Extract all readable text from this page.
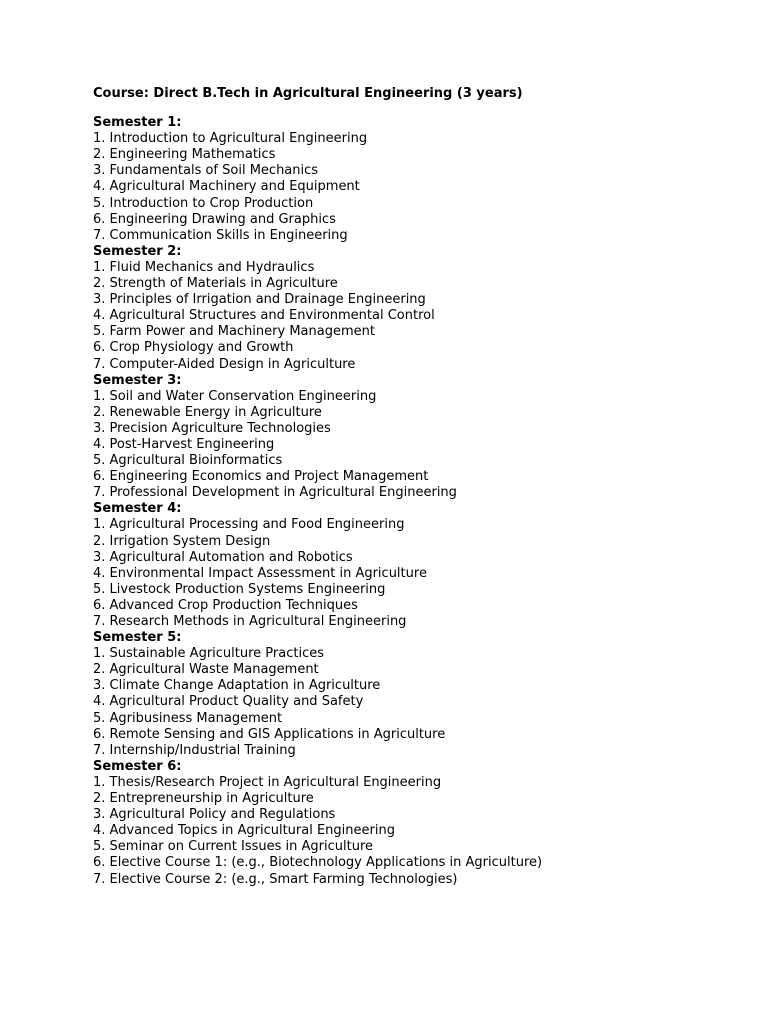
Course: Direct B.Tech in Agricultural Engineering (3 years)
Semester 1:
1. Introduction to Agricultural Engineering
2. Engineering Mathematics
3. Fundamentals of Soil Mechanics
4. Agricultural Machinery and Equipment
5. Introduction to Crop Production
6. Engineering Drawing and Graphics
7. Communication Skills in Engineering
Semester 2:
1. Fluid Mechanics and Hydraulics
2. Strength of Materials in Agriculture
3. Principles of Irrigation and Drainage Engineering
4. Agricultural Structures and Environmental Control
5. Farm Power and Machinery Management
6. Crop Physiology and Growth
7. Computer-Aided Design in Agriculture
Semester 3:
1. Soil and Water Conservation Engineering
2. Renewable Energy in Agriculture
3. Precision Agriculture Technologies
4. Post-Harvest Engineering
5. Agricultural Bioinformatics
6. Engineering Economics and Project Management
7. Professional Development in Agricultural Engineering
Semester 4:
1. Agricultural Processing and Food Engineering
2. Irrigation System Design
3. Agricultural Automation and Robotics
4. Environmental Impact Assessment in Agriculture
5. Livestock Production Systems Engineering
6. Advanced Crop Production Techniques
7. Research Methods in Agricultural Engineering
Semester 5:
1. Sustainable Agriculture Practices
2. Agricultural Waste Management
3. Climate Change Adaptation in Agriculture
4. Agricultural Product Quality and Safety
5. Agribusiness Management
6. Remote Sensing and GIS Applications in Agriculture
7. Internship/Industrial Training
Semester 6:
1. Thesis/Research Project in Agricultural Engineering
2. Entrepreneurship in Agriculture
3. Agricultural Policy and Regulations
4. Advanced Topics in Agricultural Engineering
5. Seminar on Current Issues in Agriculture
6. Elective Course 1: (e.g., Biotechnology Applications in Agriculture)
7. Elective Course 2: (e.g., Smart Farming Technologies)
